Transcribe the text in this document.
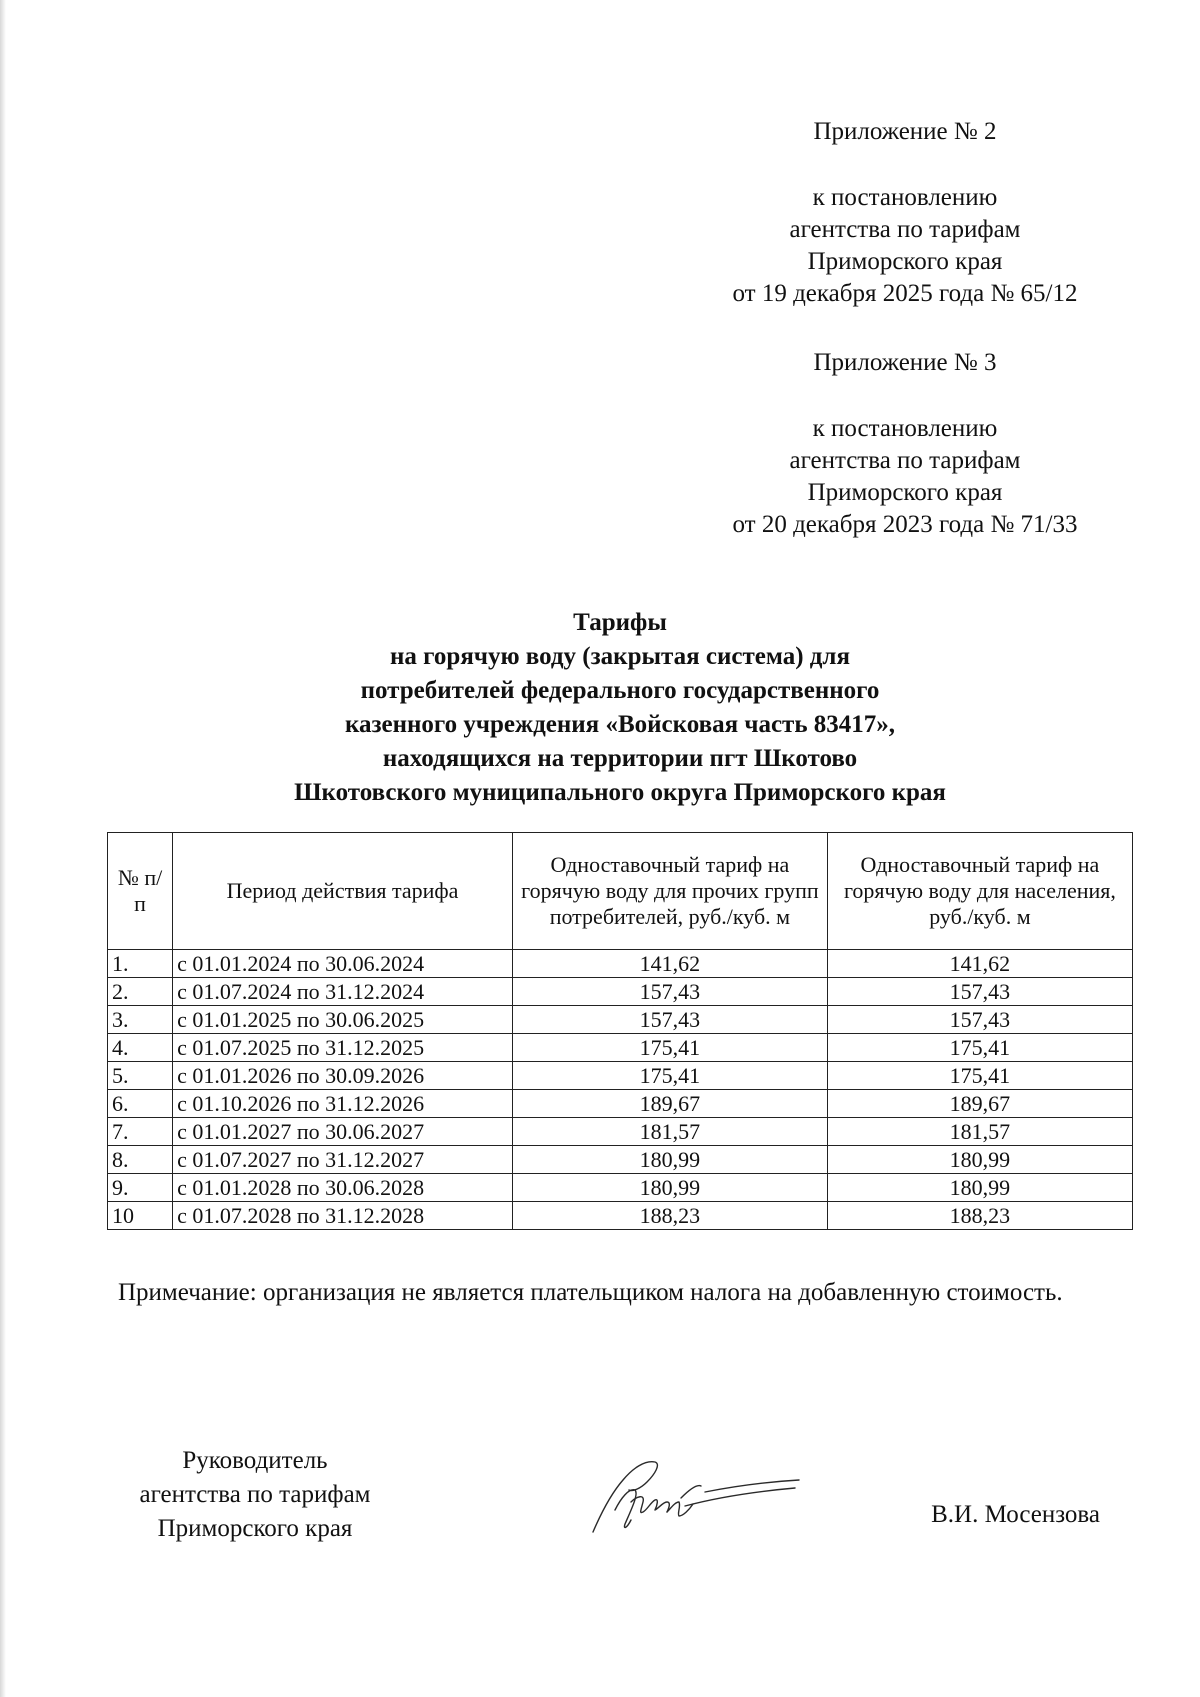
Приложение № 2
к постановлению
агентства по тарифам
Приморского края
от 19 декабря 2025 года № 65/12
Приложение № 3
к постановлению
агентства по тарифам
Приморского края
от 20 декабря 2023 года № 71/33
Тарифы
на горячую воду (закрытая система) для
потребителей федерального государственного
казенного учреждения «Войсковая часть 83417»,
находящихся на территории пгт Шкотово
Шкотовского муниципального округа Приморского края
№ п/п	Период действия тарифа	Одноставочный тариф на горячую воду для прочих групп потребителей, руб./куб. м	Одноставочный тариф на горячую воду для населения, руб./куб. м
1.	с 01.01.2024 по 30.06.2024	141,62	141,62
2.	с 01.07.2024 по 31.12.2024	157,43	157,43
3.	с 01.01.2025 по 30.06.2025	157,43	157,43
4.	с 01.07.2025 по 31.12.2025	175,41	175,41
5.	с 01.01.2026 по 30.09.2026	175,41	175,41
6.	с 01.10.2026 по 31.12.2026	189,67	189,67
7.	с 01.01.2027 по 30.06.2027	181,57	181,57
8.	с 01.07.2027 по 31.12.2027	180,99	180,99
9.	с 01.01.2028 по 30.06.2028	180,99	180,99
10	с 01.07.2028 по 31.12.2028	188,23	188,23
Примечание: организация не является плательщиком налога на добавленную стоимость.
Руководитель
агентства по тарифам
Приморского края
В.И. Мосензова
